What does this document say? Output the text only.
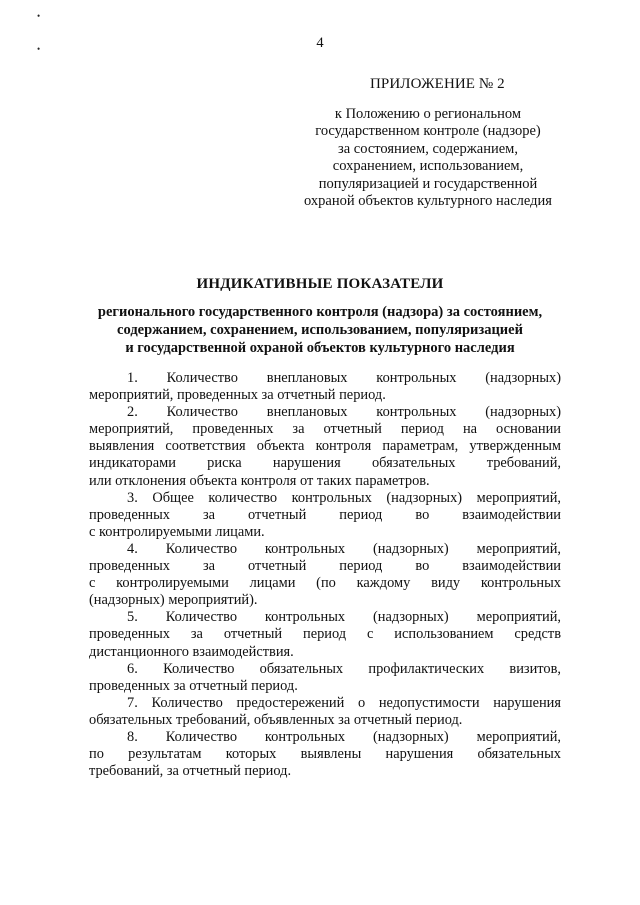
•
•	4
ПРИЛОЖЕНИЕ № 2
к Положению о региональном
государственном контроле (надзоре)
за состоянием, содержанием,
сохранением, использованием,
популяризацией и государственной
охраной объектов культурного наследия
ИНДИКАТИВНЫЕ ПОКАЗАТЕЛИ
регионального государственного контроля (надзора) за состоянием,
содержанием, сохранением, использованием, популяризацией
и государственной охраной объектов культурного наследия
1. Количество внеплановых контрольных (надзорных)
мероприятий, проведенных за отчетный период.
2. Количество внеплановых контрольных (надзорных)
мероприятий, проведенных за отчетный период на основании
выявления соответствия объекта контроля параметрам, утвержденным
индикаторами риска нарушения обязательных требований,
или отклонения объекта контроля от таких параметров.
3. Общее количество контрольных (надзорных) мероприятий,
проведенных за отчетный период во взаимодействии
с контролируемыми лицами.
4. Количество контрольных (надзорных) мероприятий,
проведенных за отчетный период во взаимодействии
с контролируемыми лицами (по каждому виду контрольных
(надзорных) мероприятий).
5. Количество контрольных (надзорных) мероприятий,
проведенных за отчетный период с использованием средств
дистанционного взаимодействия.
6. Количество обязательных профилактических визитов,
проведенных за отчетный период.
7. Количество предостережений о недопустимости нарушения
обязательных требований, объявленных за отчетный период.
8. Количество контрольных (надзорных) мероприятий,
по результатам которых выявлены нарушения обязательных
требований, за отчетный период.
